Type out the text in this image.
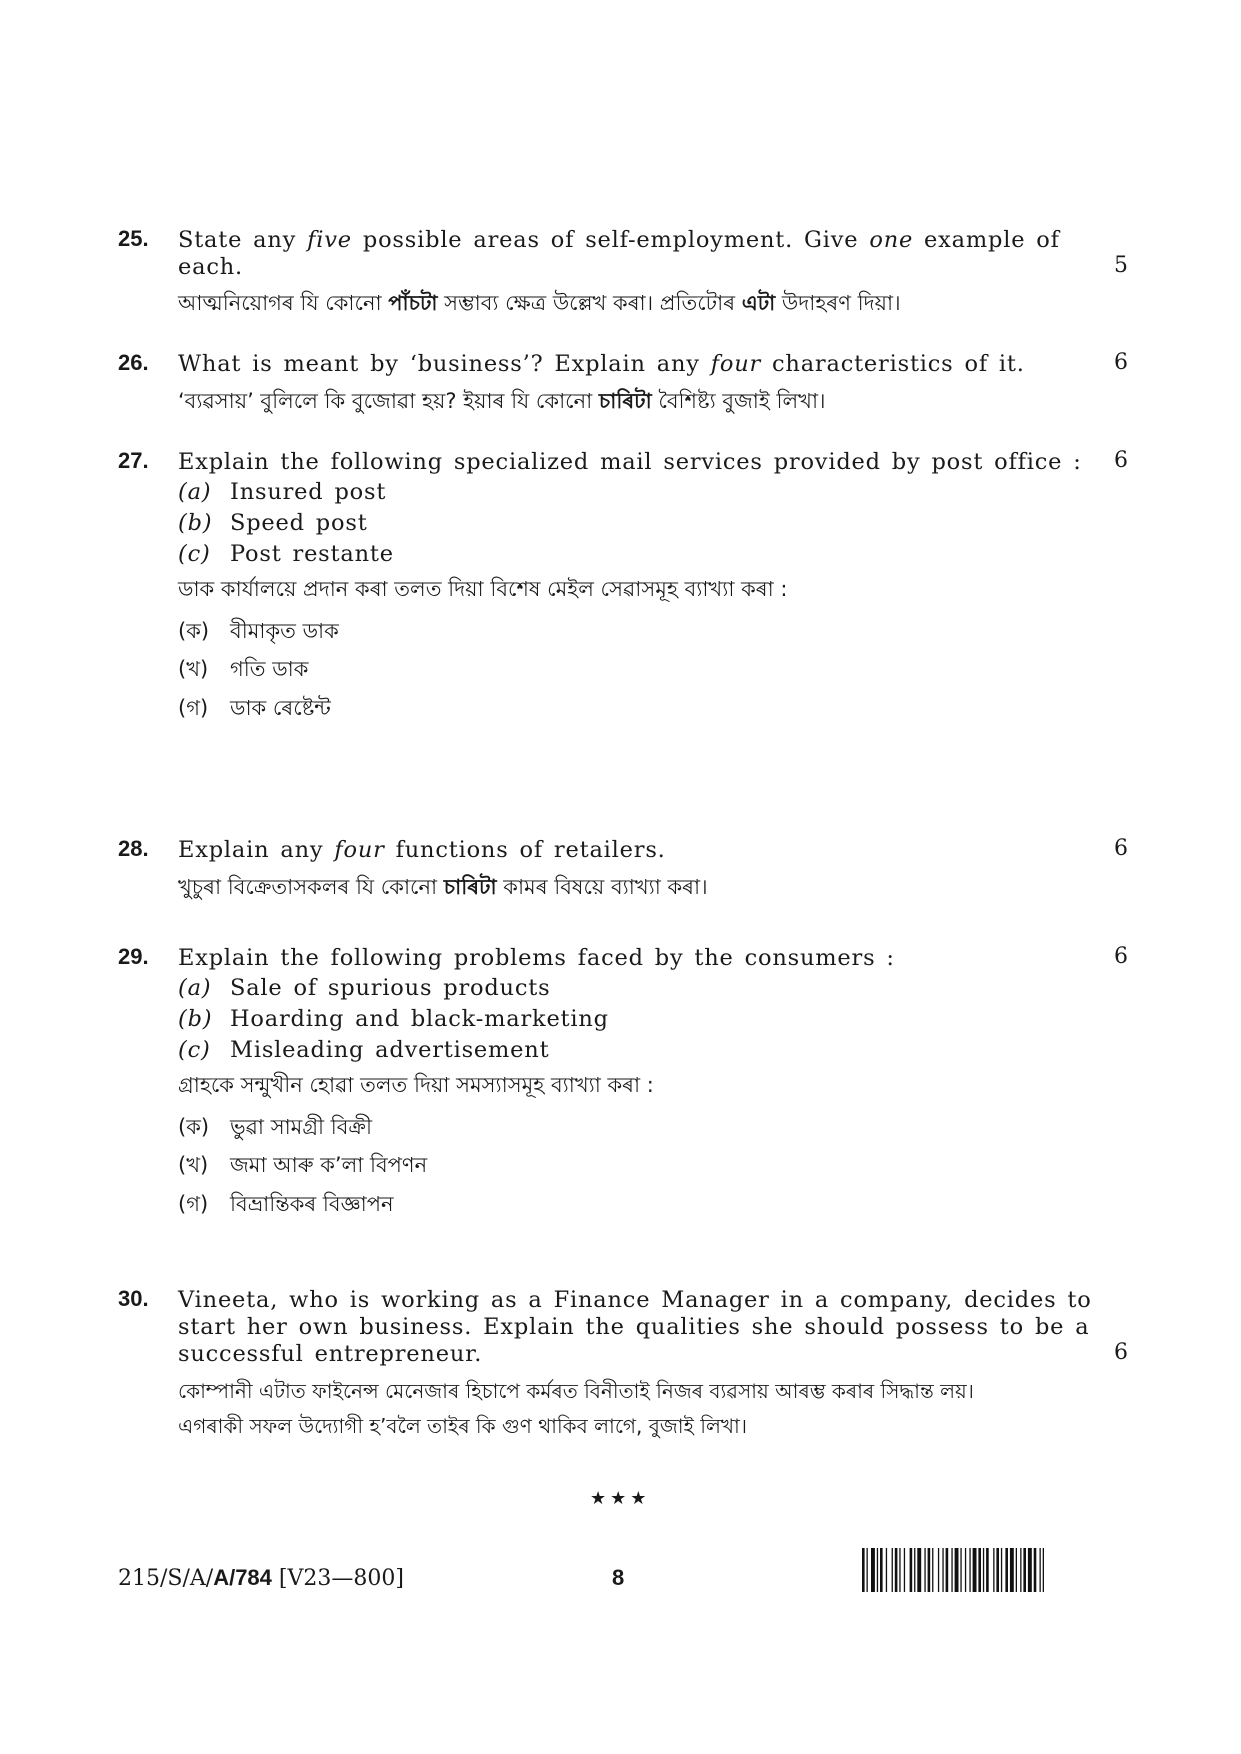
25. State any five possible areas of self-employment. Give one example of
each.
আত্মনিয়োগৰ যি কোনো পাঁচটা সম্ভাব্য ক্ষেত্ৰ উল্লেখ কৰা। প্ৰতিটোৰ এটা উদাহৰণ দিয়া।
5
26. What is meant by ‘business’? Explain any four characteristics of it.
‘ব্যৱসায়’ বুলিলে কি বুজোৱা হয়? ইয়াৰ যি কোনো চাৰিটা বৈশিষ্ট্য বুজাই লিখা।
6
27. Explain the following specialized mail services provided by post office :
(a) Insured post
(b) Speed post
(c) Post restante
ডাক কাৰ্যালয়ে প্ৰদান কৰা তলত দিয়া বিশেষ মেইল সেৱাসমূহ ব্যাখ্যা কৰা :
(ক) বীমাকৃত ডাক
(খ) গতি ডাক
(গ) ডাক ৰেষ্টেন্ট
6
28. Explain any four functions of retailers.
খুচুৰা বিক্ৰেতাসকলৰ যি কোনো চাৰিটা কামৰ বিষয়ে ব্যাখ্যা কৰা।
6
29. Explain the following problems faced by the consumers :
(a) Sale of spurious products
(b) Hoarding and black-marketing
(c) Misleading advertisement
গ্ৰাহকে সন্মুখীন হোৱা তলত দিয়া সমস্যাসমূহ ব্যাখ্যা কৰা :
(ক) ভুৱা সামগ্ৰী বিক্ৰী
(খ) জমা আৰু ক’লা বিপণন
(গ) বিভ্ৰান্তিকৰ বিজ্ঞাপন
6
30. Vineeta, who is working as a Finance Manager in a company, decides to
start her own business. Explain the qualities she should possess to be a
successful entrepreneur.
কোম্পানী এটাত ফাইনেন্স মেনেজাৰ হিচাপে কৰ্মৰত বিনীতাই নিজৰ ব্যৱসায় আৰম্ভ কৰাৰ সিদ্ধান্ত লয়।
এগৰাকী সফল উদ্যোগী হ’বলৈ তাইৰ কি গুণ থাকিব লাগে, বুজাই লিখা।
6
★★★
215/S/A/A/784 [V23—800]	8
